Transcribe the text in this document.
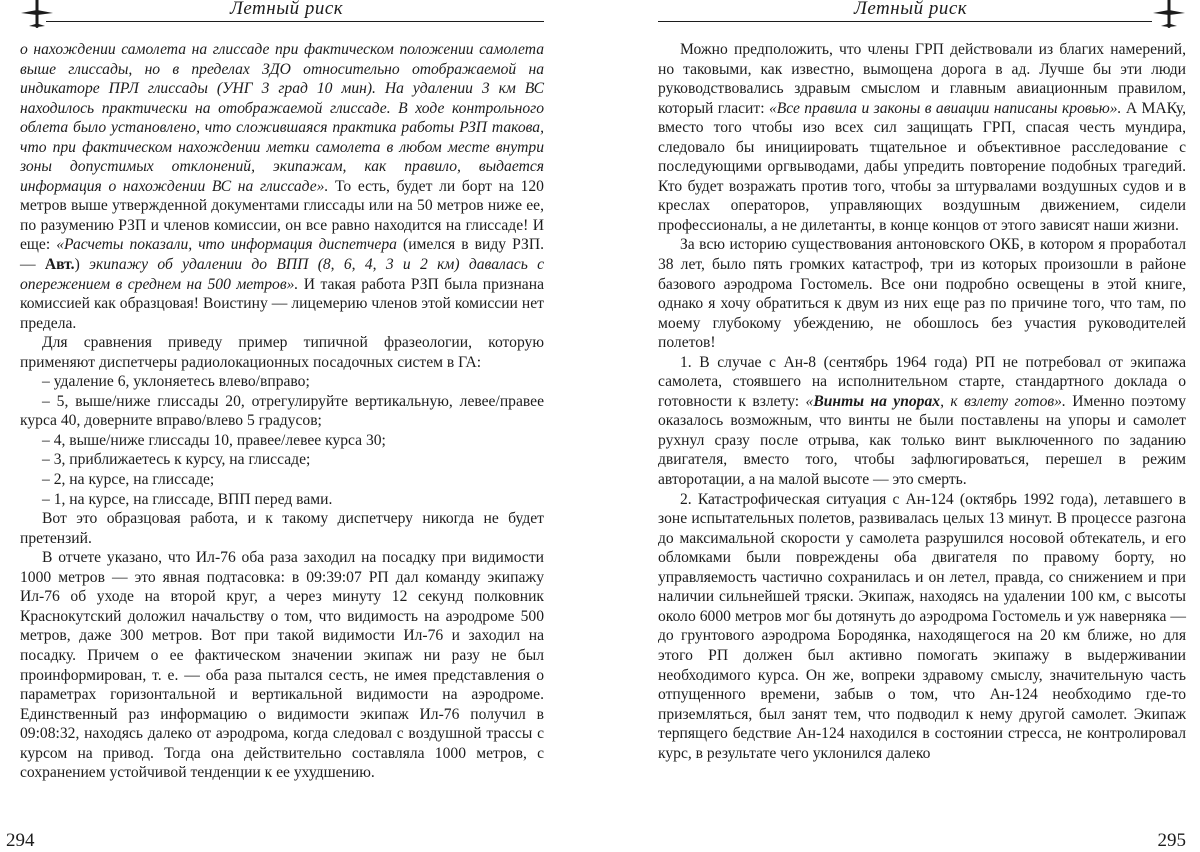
Летный риск

о нахождении самолета на глиссаде при фактическом положении самолета выше глиссады, но в пределах ЗДО относительно отображаемой на индикаторе ПРЛ глиссады (УНГ 3 град 10 мин). На удалении 3 км ВС находилось практически на отображаемой глиссаде. В ходе контрольного облета было установлено, что сложившаяся практика работы РЗП такова, что при фактическом нахождении метки самолета в любом месте внутри зоны допустимых отклонений, экипажам, как правило, выдается информация о нахождении ВС на глиссаде». То есть, будет ли борт на 120 метров выше утвержденной документами глиссады или на 50 метров ниже ее, по разумению РЗП и членов комиссии, он все равно находится на глиссаде! И еще: «Расчеты показали, что информация диспетчера (имелся в виду РЗП. — Авт.) экипажу об удалении до ВПП (8, 6, 4, 3 и 2 км) давалась с опережением в среднем на 500 метров». И такая работа РЗП была признана комиссией как образцовая! Воистину — лицемерию членов этой комиссии нет предела.

Для сравнения приведу пример типичной фразеологии, которую применяют диспетчеры радиолокационных посадочных систем в ГА:

– удаление 6, уклоняетесь влево/вправо;

– 5, выше/ниже глиссады 20, отрегулируйте вертикальную, левее/правее курса 40, доверните вправо/влево 5 градусов;

– 4, выше/ниже глиссады 10, правее/левее курса 30;

– 3, приближаетесь к курсу, на глиссаде;

– 2, на курсе, на глиссаде;

– 1, на курсе, на глиссаде, ВПП перед вами.

Вот это образцовая работа, и к такому диспетчеру никогда не будет претензий.

В отчете указано, что Ил-76 оба раза заходил на посадку при видимости 1000 метров — это явная подтасовка: в 09:39:07 РП дал команду экипажу Ил-76 об уходе на второй круг, а через минуту 12 секунд полковник Краснокутский доложил начальству о том, что видимость на аэродроме 500 метров, даже 300 метров. Вот при такой видимости Ил-76 и заходил на посадку. Причем о ее фактическом значении экипаж ни разу не был проинформирован, т. е. — оба раза пытался сесть, не имея представления о параметрах горизонтальной и вертикальной видимости на аэродроме. Единственный раз информацию о видимости экипаж Ил-76 получил в 09:08:32, находясь далеко от аэродрома, когда следовал с воздушной трассы с курсом на привод. Тогда она действительно составляла 1000 метров, с сохранением устойчивой тенденции к ее ухудшению.

294
Летный риск

Можно предположить, что члены ГРП действовали из благих намерений, но таковыми, как известно, вымощена дорога в ад. Лучше бы эти люди руководствовались здравым смыслом и главным авиационным правилом, который гласит: «Все правила и законы в авиации написаны кровью». А МАКу, вместо того чтобы изо всех сил защищать ГРП, спасая честь мундира, следовало бы инициировать тщательное и объективное расследование с последующими оргвыводами, дабы упредить повторение подобных трагедий. Кто будет возражать против того, чтобы за штурвалами воздушных судов и в креслах операторов, управляющих воздушным движением, сидели профессионалы, а не дилетанты, в конце концов от этого зависят наши жизни.

За всю историю существования антоновского ОКБ, в котором я проработал 38 лет, было пять громких катастроф, три из которых произошли в районе базового аэродрома Гостомель. Все они подробно освещены в этой книге, однако я хочу обратиться к двум из них еще раз по причине того, что там, по моему глубокому убеждению, не обошлось без участия руководителей полетов!

1. В случае с Ан-8 (сентябрь 1964 года) РП не потребовал от экипажа самолета, стоявшего на исполнительном старте, стандартного доклада о готовности к взлету: «Винты на упорах, к взлету готов». Именно поэтому оказалось возможным, что винты не были поставлены на упоры и самолет рухнул сразу после отрыва, как только винт выключенного по заданию двигателя, вместо того, чтобы зафлюгироваться, перешел в режим авторотации, а на малой высоте — это смерть.

2. Катастрофическая ситуация с Ан-124 (октябрь 1992 года), летавшего в зоне испытательных полетов, развивалась целых 13 минут. В процессе разгона до максимальной скорости у самолета разрушился носовой обтекатель, и его обломками были повреждены оба двигателя по правому борту, но управляемость частично сохранилась и он летел, правда, со снижением и при наличии сильнейшей тряски. Экипаж, находясь на удалении 100 км, с высоты около 6000 метров мог бы дотянуть до аэродрома Гостомель и уж наверняка — до грунтового аэродрома Бородянка, находящегося на 20 км ближе, но для этого РП должен был активно помогать экипажу в выдерживании необходимого курса. Он же, вопреки здравому смыслу, значительную часть отпущенного времени, забыв о том, что Ан-124 необходимо где-то приземляться, был занят тем, что подводил к нему другой самолет. Экипаж терпящего бедствие Ан-124 находился в состоянии стресса, не контролировал курс, в результате чего уклонился далеко

295
